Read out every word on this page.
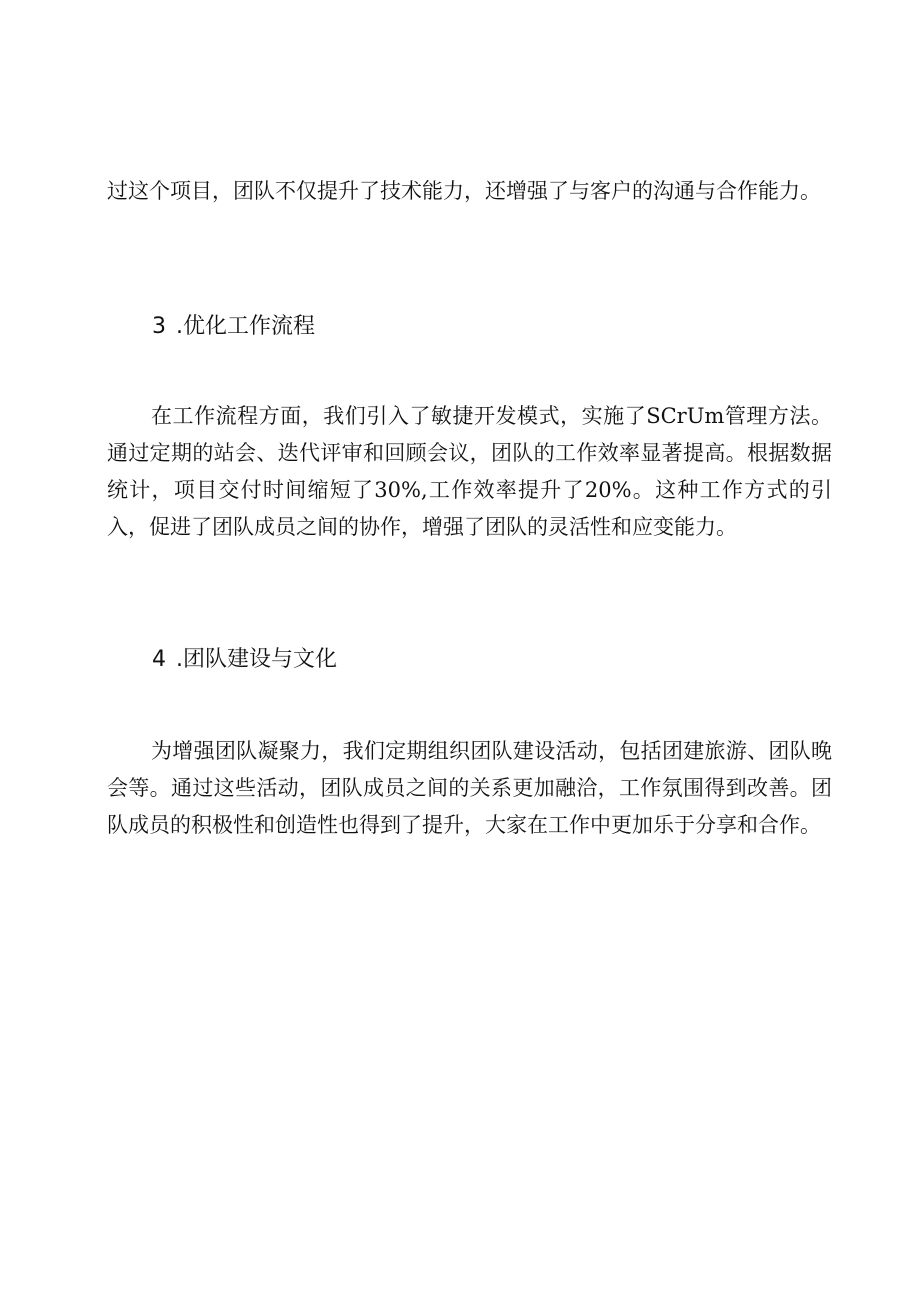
过这个项目，团队不仅提升了技术能力，还增强了与客户的沟通与合作能力。

3 .优化工作流程

在工作流程方面，我们引入了敏捷开发模式，实施了SCrUm管理方法。通过定期的站会、迭代评审和回顾会议，团队的工作效率显著提高。根据数据统计，项目交付时间缩短了30%,工作效率提升了20%。这种工作方式的引入，促进了团队成员之间的协作，增强了团队的灵活性和应变能力。

4 .团队建设与文化

为增强团队凝聚力，我们定期组织团队建设活动，包括团建旅游、团队晚会等。通过这些活动，团队成员之间的关系更加融洽，工作氛围得到改善。团队成员的积极性和创造性也得到了提升，大家在工作中更加乐于分享和合作。
